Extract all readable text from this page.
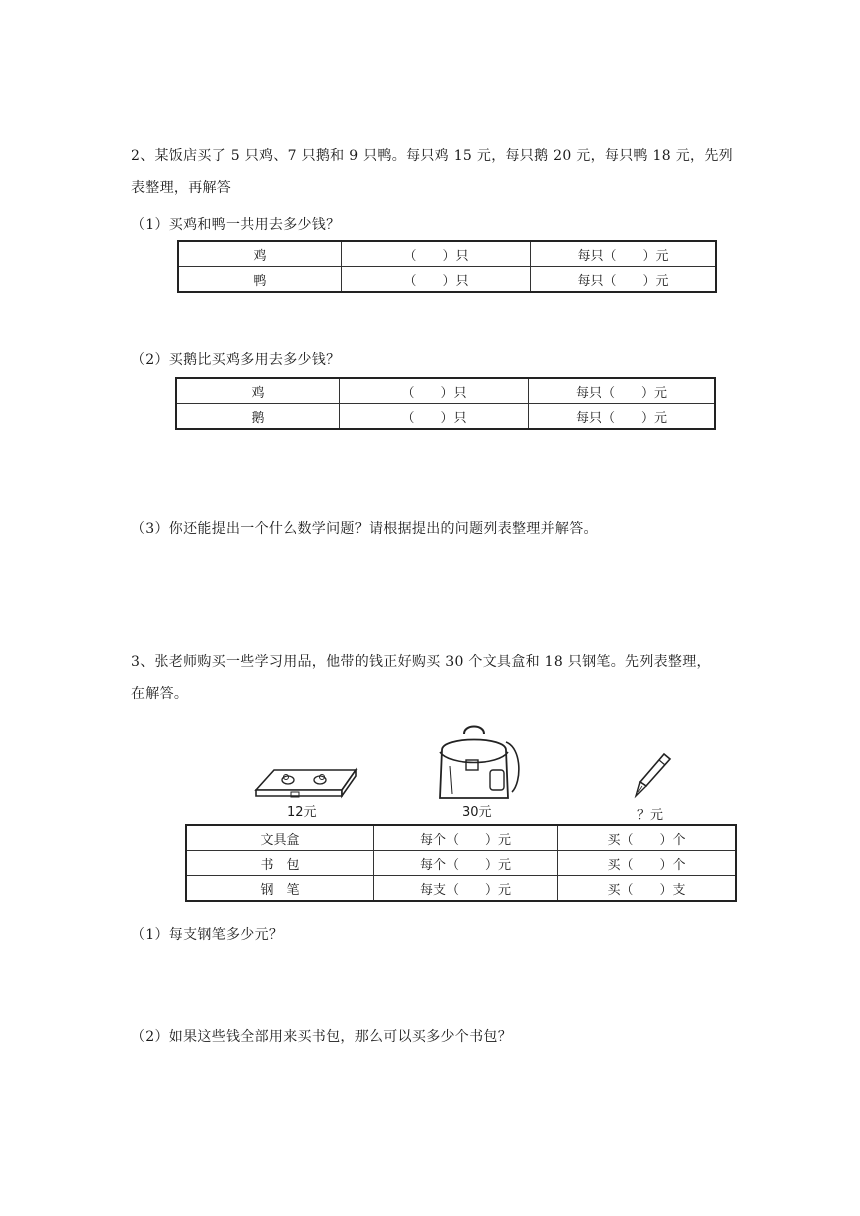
2、某饭店买了 5 只鸡、7 只鹅和 9 只鸭。每只鸡 15 元，每只鹅 20 元，每只鸭 18 元，先列
表整理，再解答
（1）买鸡和鸭一共用去多少钱？
鸡	（　　）只	每只（　　）元
鸭	（　　）只	每只（　　）元
（2）买鹅比买鸡多用去多少钱？
鸡	（　　）只	每只（　　）元
鹅	（　　）只	每只（　　）元
（3）你还能提出一个什么数学问题？请根据提出的问题列表整理并解答。
3、张老师购买一些学习用品，他带的钱正好购买 30 个文具盒和 18 只钢笔。先列表整理，
在解答。
12元	30元	？元
文具盒	每个（　　）元	买（　　）个
书　包	每个（　　）元	买（　　）个
钢　笔	每支（　　）元	买（　　）支
（1）每支钢笔多少元？
（2）如果这些钱全部用来买书包，那么可以买多少个书包？
